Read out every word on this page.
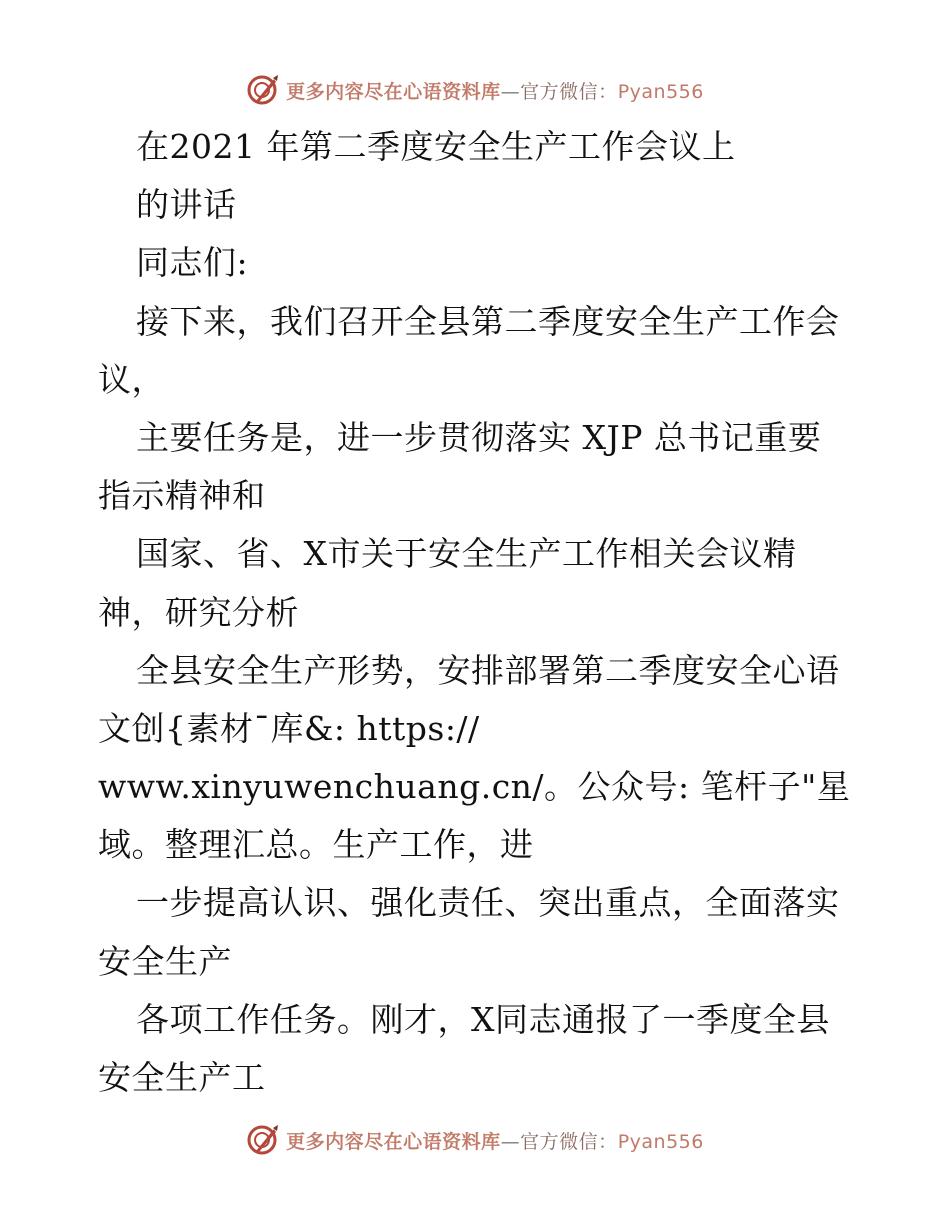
更多内容尽在心语资料库—官方微信：Pyan556
在2021 年第二季度安全生产工作会议上
的讲话
同志们:
接下来，我们召开全县第二季度安全生产工作会
议，
主要任务是，进一步贯彻落实 XJP 总书记重要
指示精神和
国家、省、X市关于安全生产工作相关会议精
神，研究分析
全县安全生产形势，安排部署第二季度安全心语
文创{素材¯库&: https://
www.xinyuwenchuang.cn/。公众号: 笔杆子"星
域。整理汇总。生产工作，进
一步提高认识、强化责任、突出重点，全面落实
安全生产
各项工作任务。刚才，X同志通报了一季度全县
安全生产工
更多内容尽在心语资料库—官方微信：Pyan556
